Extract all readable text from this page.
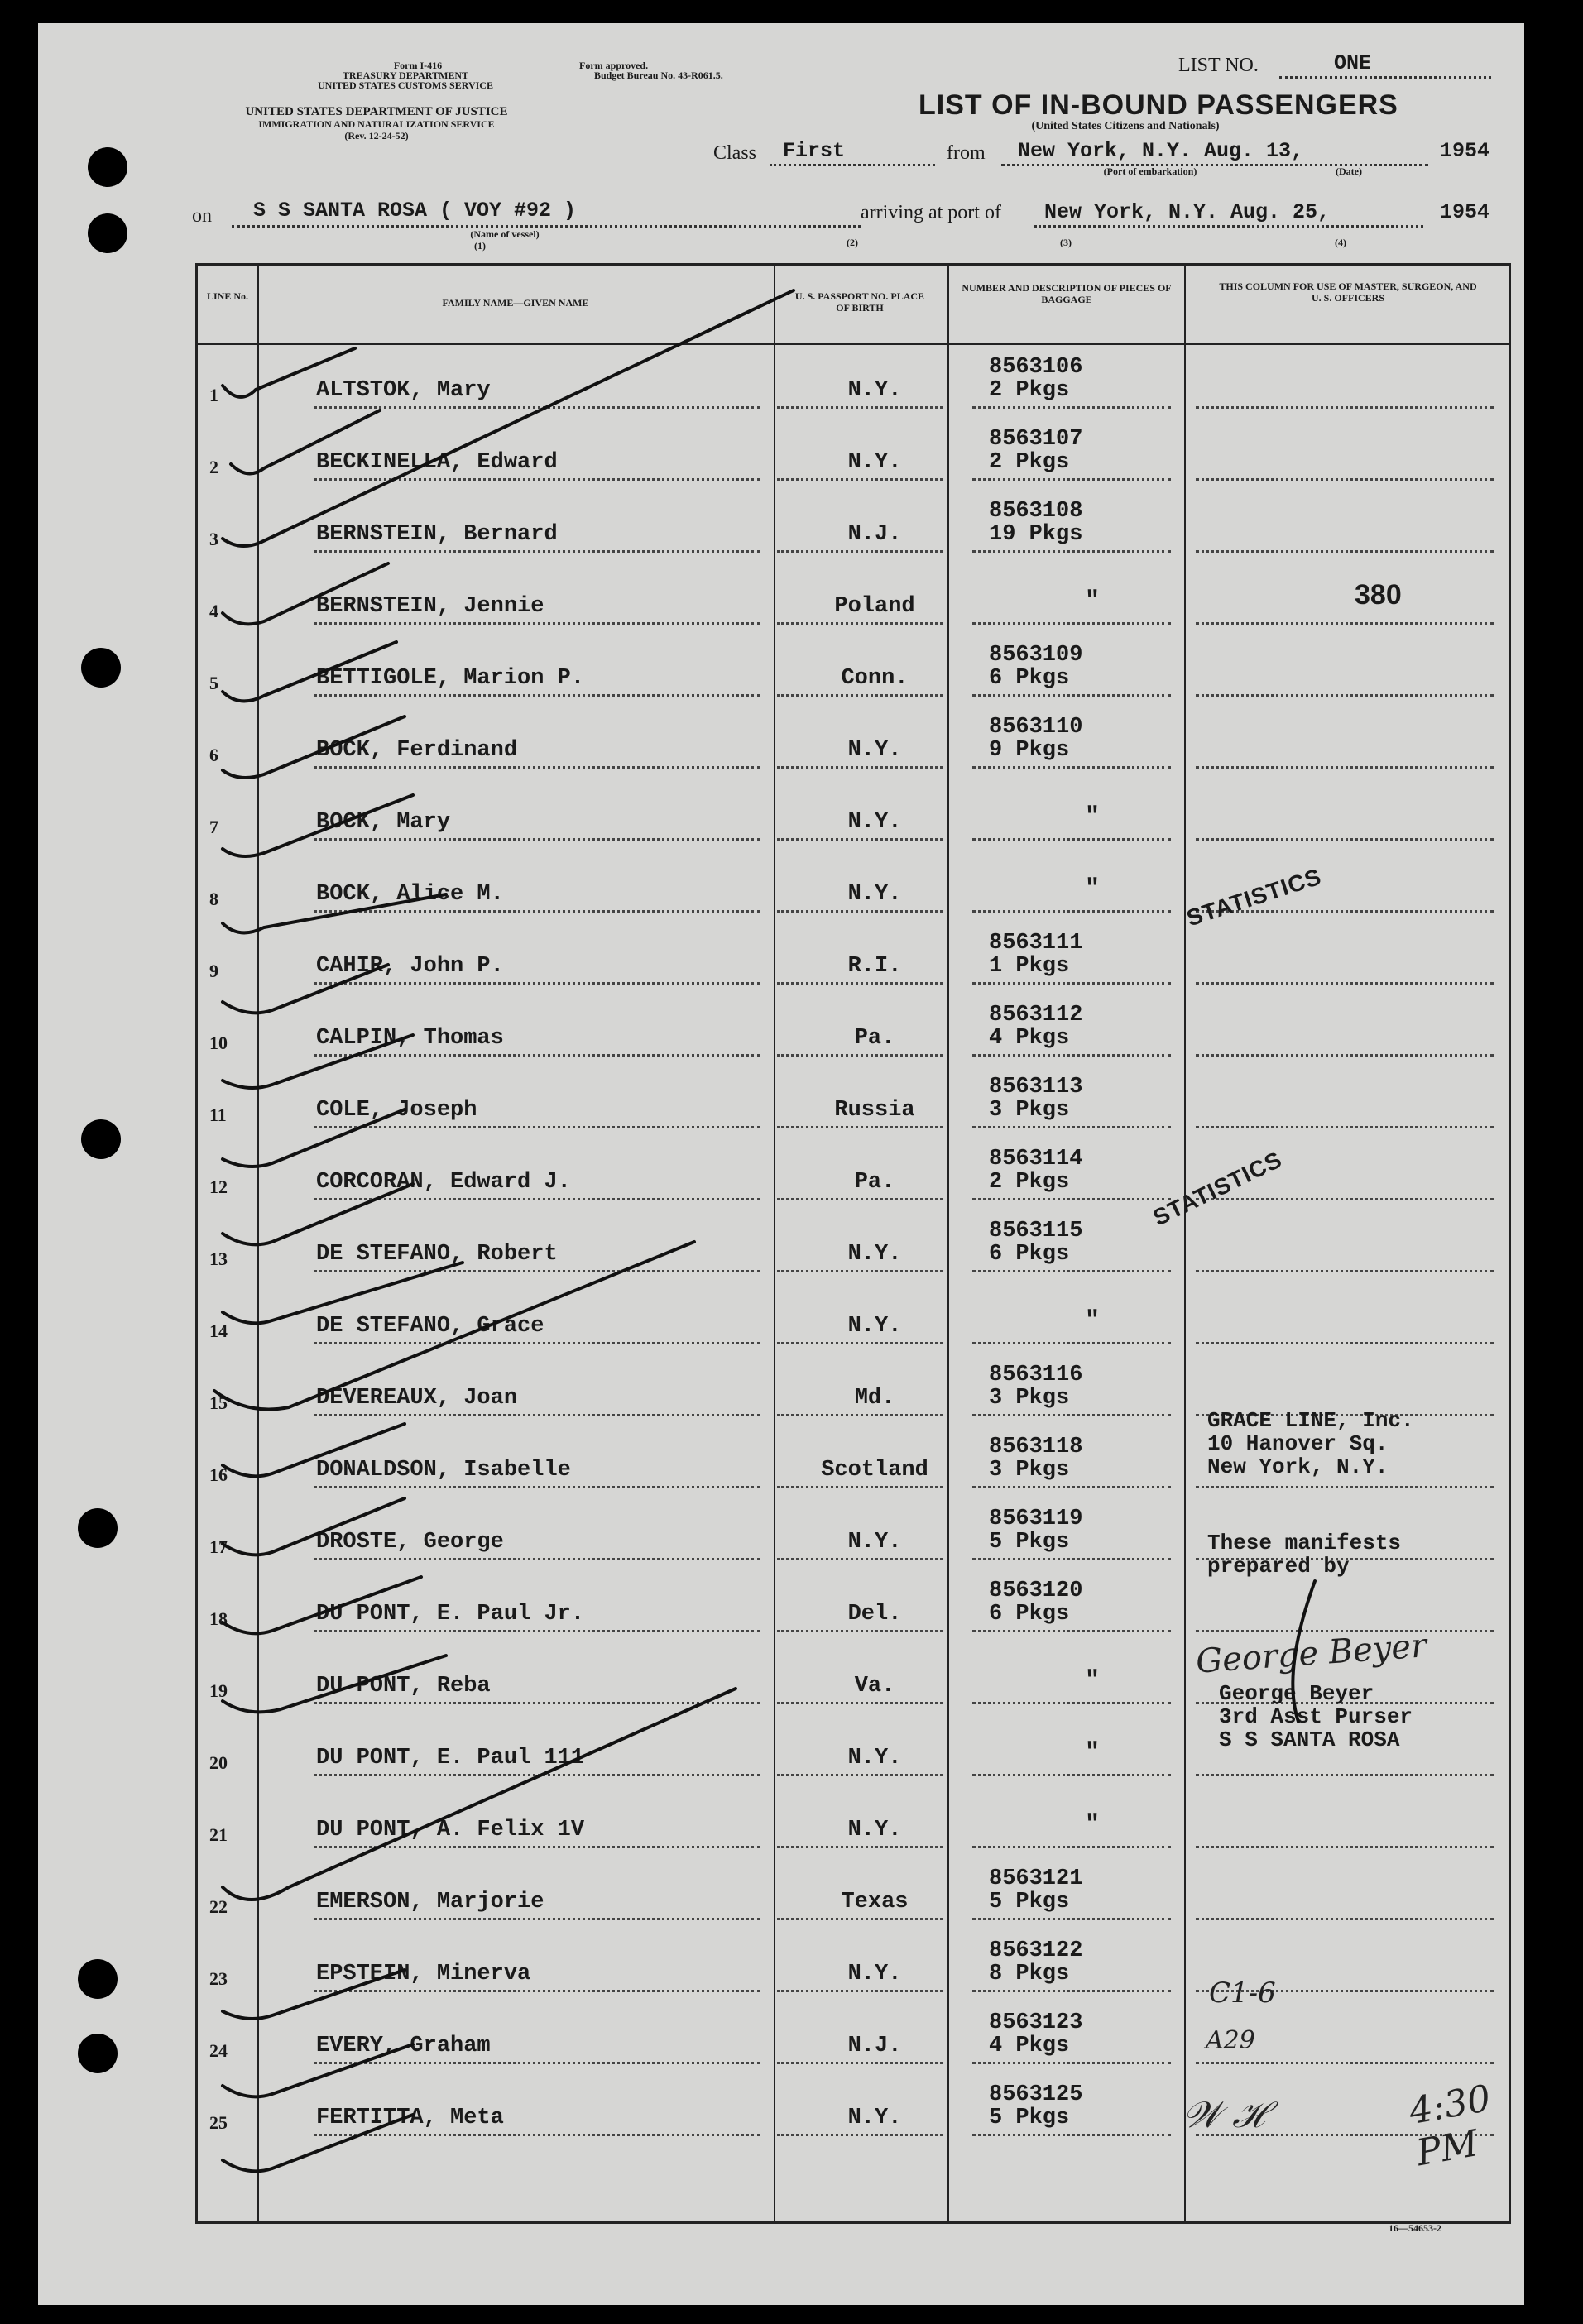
Form I-416
TREASURY DEPARTMENT
UNITED STATES CUSTOMS SERVICE
Form approved.
Budget Bureau No. 43-R061.5.
UNITED STATES DEPARTMENT OF JUSTICE
IMMIGRATION AND NATURALIZATION SERVICE
(Rev. 12-24-52)
LIST NO.	ONE
LIST OF IN-BOUND PASSENGERS
(United States Citizens and Nationals)
Class First	from New York, N.Y. Aug. 13,	1954
(Port of embarkation)	(Date)
on S S SANTA ROSA ( VOY #92 )
(Name of vessel)
(1)
arriving at port of New York, N.Y. Aug. 25,	1954
(2)	(3)	(4)
LINE No.
FAMILY NAME—GIVEN NAME
U. S. PASSPORT NO. PLACE OF BIRTH
NUMBER AND DESCRIPTION OF PIECES OF BAGGAGE
THIS COLUMN FOR USE OF MASTER, SURGEON, AND U. S. OFFICERS
1	ALTSTOK, Mary	N.Y.
8563106
2 Pkgs
2	BECKINELLA, Edward	N.Y.
8563107
2 Pkgs
3	BERNSTEIN, Bernard	N.J.
8563108
19 Pkgs
4	BERNSTEIN, Jennie	Poland	"
5	BETTIGOLE, Marion P.	Conn.
8563109
6 Pkgs
6	BOCK, Ferdinand	N.Y.
8563110
9 Pkgs
7	BOCK, Mary	N.Y.	"
8	BOCK, Alice M.	N.Y.	"
9	CAHIR, John P.	R.I.
8563111
1 Pkgs
10	CALPIN, Thomas	Pa.
8563112
4 Pkgs
11	COLE, Joseph	Russia
8563113
3 Pkgs
12	CORCORAN, Edward J.	Pa.
8563114
2 Pkgs
13	DE STEFANO, Robert	N.Y.
8563115
6 Pkgs
14	DE STEFANO, Grace	N.Y.	"
15	DEVEREAUX, Joan	Md.
8563116
3 Pkgs
16	DONALDSON, Isabelle	Scotland
8563118
3 Pkgs
17	DROSTE, George	N.Y.
8563119
5 Pkgs
18	DU PONT, E. Paul Jr.	Del.
8563120
6 Pkgs
19	DU PONT, Reba	Va.	"
20	DU PONT, E. Paul 111	N.Y.	"
21	DU PONT, A. Felix 1V	N.Y.	"
22	EMERSON, Marjorie	Texas
8563121
5 Pkgs
23	EPSTEIN, Minerva	N.Y.
8563122
8 Pkgs
24	EVERY, Graham	N.J.
8563123
4 Pkgs
25	FERTITTA, Meta	N.Y.
8563125
5 Pkgs
380
STATISTICS
STATISTICS
GRACE LINE, Inc.
10 Hanover Sq.
New York, N.Y.
These manifests
prepared by
George Beyer
George Beyer
3rd Asst Purser
S S SANTA ROSA
C1-6
A29
𝒲 ℋ	4:30 PM
16—54653-2
